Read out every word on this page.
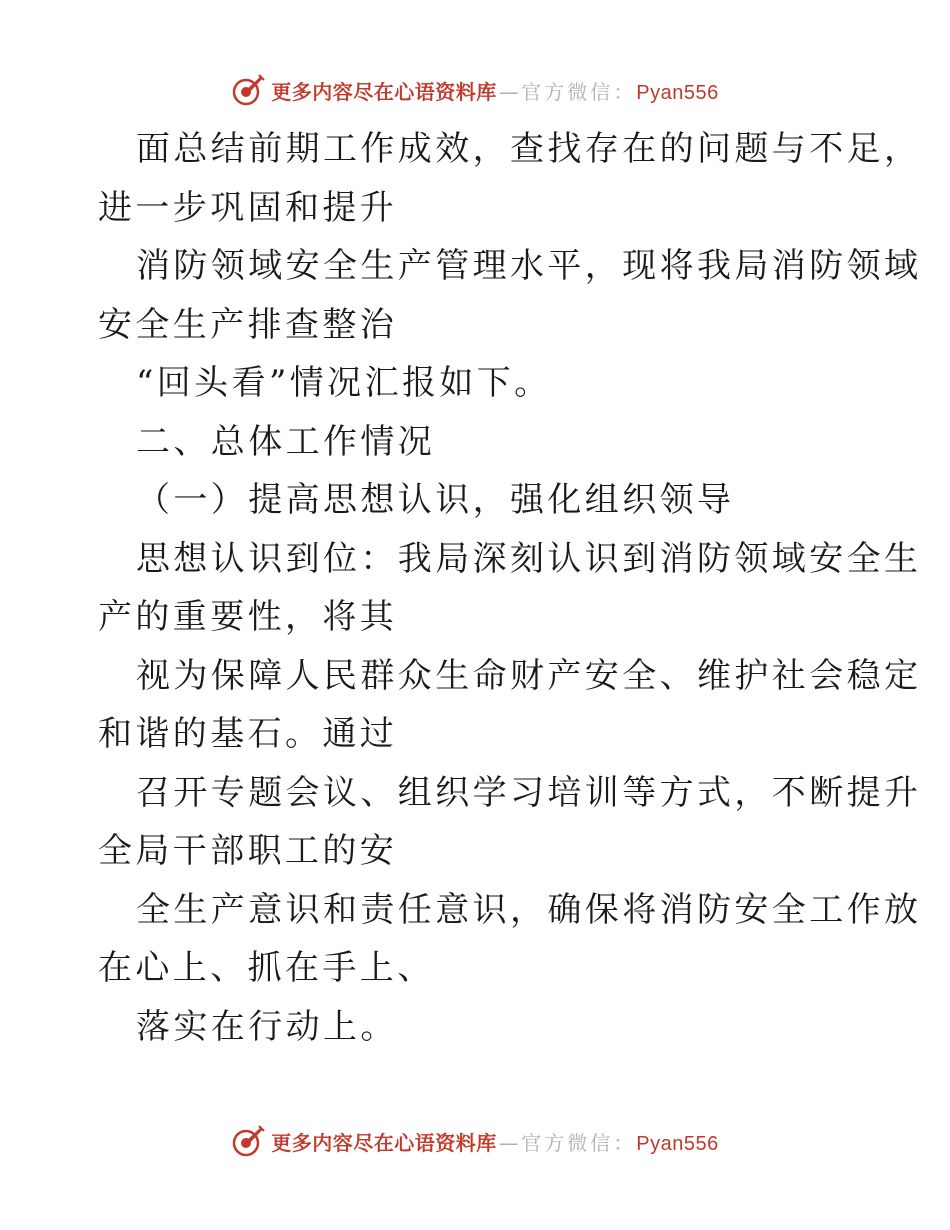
更多内容尽在心语资料库 — 官方微信：Pyan556
面总结前期工作成效，查找存在的问题与不足，
进一步巩固和提升
消防领域安全生产管理水平，现将我局消防领域
安全生产排查整治
“回头看”情况汇报如下。
二、总体工作情况
（一）提高思想认识，强化组织领导
思想认识到位：我局深刻认识到消防领域安全生
产的重要性，将其
视为保障人民群众生命财产安全、维护社会稳定
和谐的基石。通过
召开专题会议、组织学习培训等方式，不断提升
全局干部职工的安
全生产意识和责任意识，确保将消防安全工作放
在心上、抓在手上、
落实在行动上。
更多内容尽在心语资料库 — 官方微信：Pyan556
